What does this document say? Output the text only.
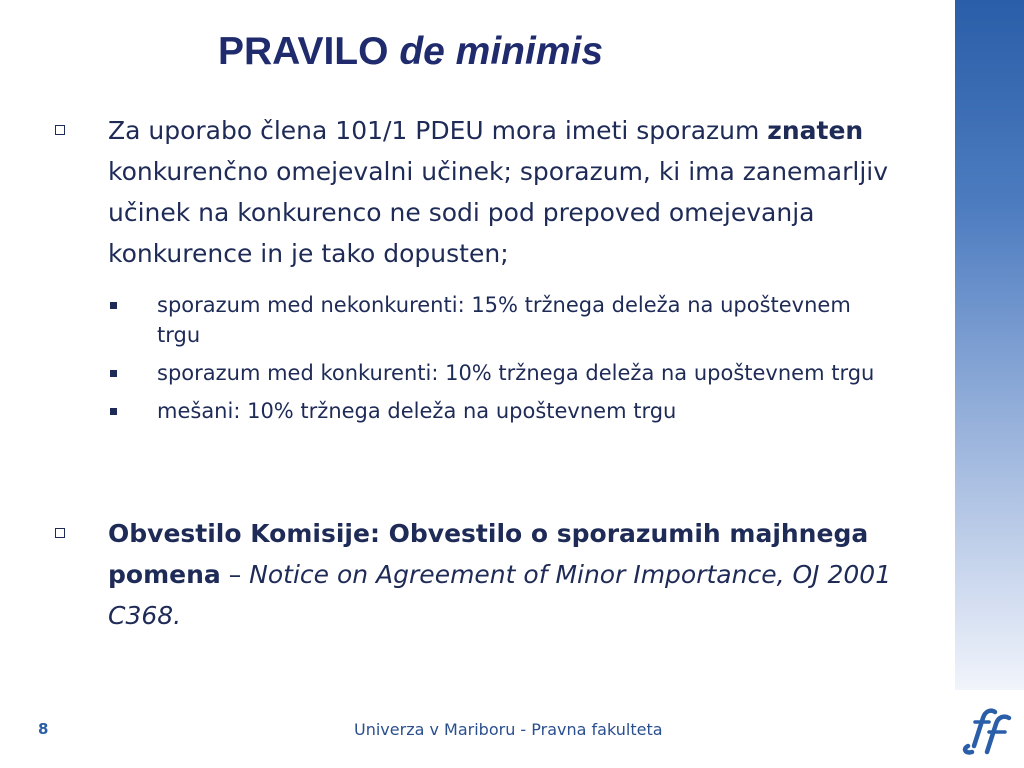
PRAVILO de minimis
Za uporabo člena 101/1 PDEU mora imeti sporazum znaten konkurenčno omejevalni učinek; sporazum, ki ima zanemarljiv učinek na konkurenco ne sodi pod prepoved omejevanja konkurence in je tako dopusten;
sporazum med nekonkurenti: 15% tržnega deleža na upoštevnem trgu
sporazum med konkurenti: 10% tržnega deleža na upoštevnem trgu
mešani: 10% tržnega deleža na upoštevnem trgu
Obvestilo Komisije: Obvestilo o sporazumih majhnega pomena – Notice on Agreement of Minor Importance, OJ 2001 C368.
8	Univerza v Mariboru - Pravna fakulteta
